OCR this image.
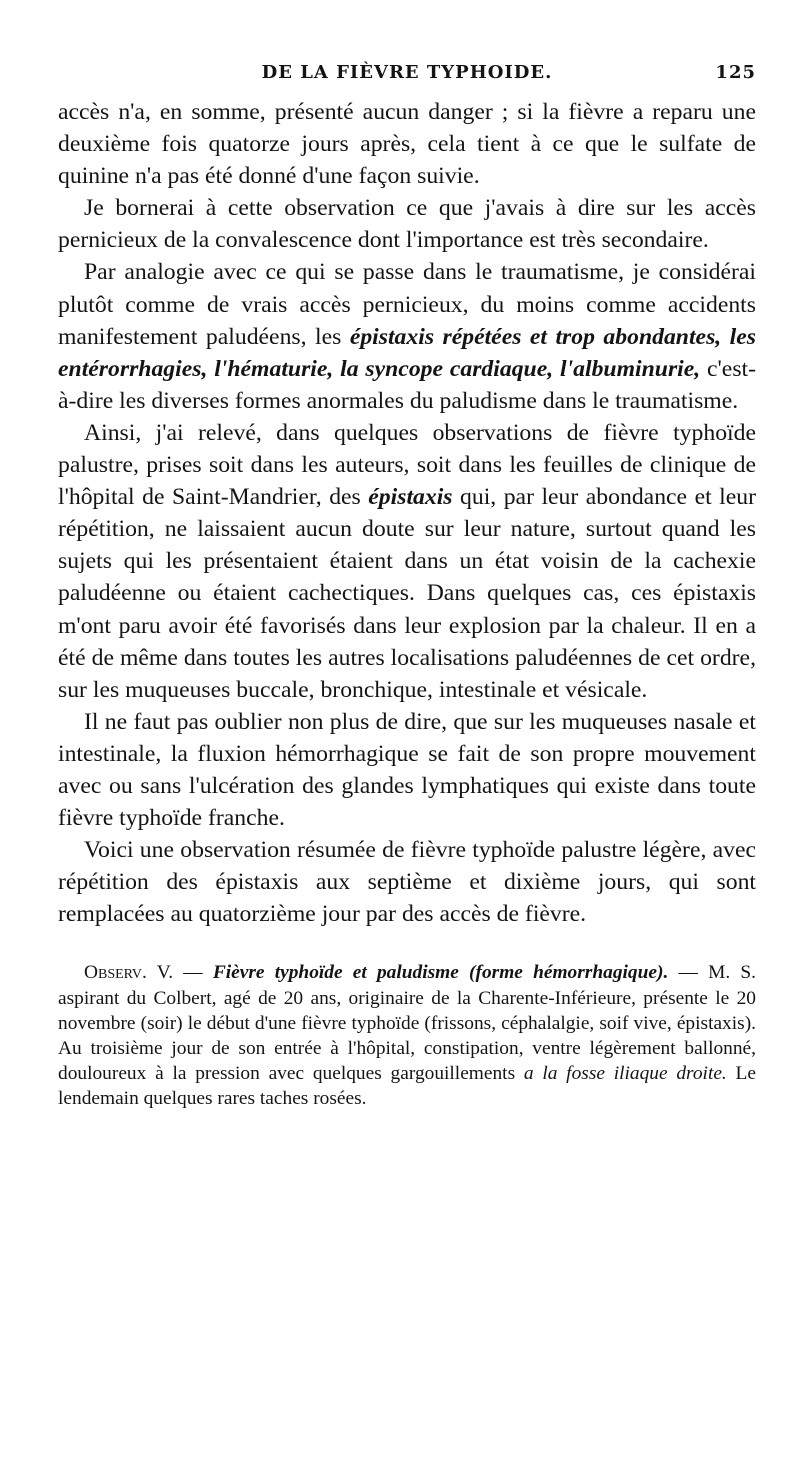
DE LA FIÈVRE TYPHOIDE.	125

accès n'a, en somme, présenté aucun danger ; si la fièvre a reparu une deuxième fois quatorze jours après, cela tient à ce que le sulfate de quinine n'a pas été donné d'une façon suivie.

Je bornerai à cette observation ce que j'avais à dire sur les accès pernicieux de la convalescence dont l'importance est très secondaire.

Par analogie avec ce qui se passe dans le traumatisme, je considérai plutôt comme de vrais accès pernicieux, du moins comme accidents manifestement paludéens, les épistaxis répétées et trop abondantes, les entérorrhagies, l'hématurie, la syncope cardiaque, l'albuminurie, c'est-à-dire les diverses formes anormales du paludisme dans le traumatisme.

Ainsi, j'ai relevé, dans quelques observations de fièvre typhoïde palustre, prises soit dans les auteurs, soit dans les feuilles de clinique de l'hôpital de Saint-Mandrier, des épistaxis qui, par leur abondance et leur répétition, ne laissaient aucun doute sur leur nature, surtout quand les sujets qui les présentaient étaient dans un état voisin de la cachexie paludéenne ou étaient cachectiques. Dans quelques cas, ces épistaxis m'ont paru avoir été favorisés dans leur explosion par la chaleur. Il en a été de même dans toutes les autres localisations paludéennes de cet ordre, sur les muqueuses buccale, bronchique, intestinale et vésicale.

Il ne faut pas oublier non plus de dire, que sur les muqueuses nasale et intestinale, la fluxion hémorrhagique se fait de son propre mouvement avec ou sans l'ulcération des glandes lymphatiques qui existe dans toute fièvre typhoïde franche.

Voici une observation résumée de fièvre typhoïde palustre légère, avec répétition des épistaxis aux septième et dixième jours, qui sont remplacées au quatorzième jour par des accès de fièvre.

Observ. V. — Fièvre typhoïde et paludisme (forme hémorrhagique). — M. S. aspirant du Colbert, agé de 20 ans, originaire de la Charente-Inférieure, présente le 20 novembre (soir) le début d'une fièvre typhoïde (frissons, céphalalgie, soif vive, épistaxis). Au troisième jour de son entrée à l'hôpital, constipation, ventre légèrement ballonné, douloureux à la pression avec quelques gargouillements a la fosse iliaque droite. Le lendemain quelques rares taches rosées.
